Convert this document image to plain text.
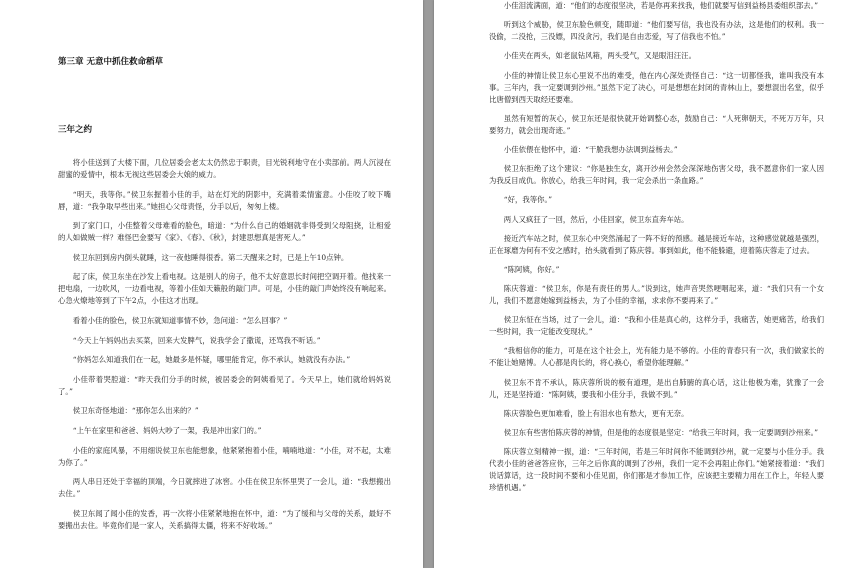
第三章 无意中抓住救命稻草
三年之约

将小佳送到了大楼下面，几位居委会老太太仍然忠于职责，目光锐利地守在小卖部前。两人沉浸在甜蜜的爱情中，根本无视这些居委会大娘的威力。

“明天，我等你。”侯卫东握着小佳的手，站在灯光的阴影中，充满着柔情蜜意。小佳咬了咬下嘴唇，道：“我争取早些出来。”她担心父母责怪，分手以后，匆匆上楼。

到了家门口，小佳整着父母难看的脸色，暗道：“为什么自己的婚姻就非得受到父母阻挠，让相爱的人如做贼一样？难怪巴金要写《家》、《春》、《秋》，封建思想真是害死人。”

侯卫东回到房内倒头就睡，这一夜他睡得很香。第二天醒来之时，已是上午10点钟。

起了床，侯卫东坐在沙发上看电视。这是别人的房子，他不太好意思长时间把空调开着。他找来一把电扇，一边吹风，一边看电视，等着小佳如天籁般的敲门声。可是，小佳的敲门声始终没有响起来。心急火燎地等到了下午2点，小佳这才出现。

看着小佳的脸色，侯卫东就知道事情不妙，急问道：“怎么回事？”

“今天上午妈妈出去买菜，回来大发脾气，说我学会了撒谎，还骂我不听话。”

“你妈怎么知道我们在一起，她最多是怀疑，哪里能肯定，你不承认，她就没有办法。”

小佳带着哭腔道：“昨天我们分手的时候，被居委会的阿姨看见了。今天早上，她们就给妈妈说了。”

侯卫东奇怪地道：“那你怎么出来的？”

“上午在家里和爸爸、妈妈大吵了一架，我是冲出家门的。”

小佳的家庭风暴，不用细说侯卫东也能想象，他紧紧抱着小佳，喃喃地道：“小佳，对不起，太难为你了。”

两人串日还处于幸福的顶端，今日就摔进了冰窖。小佳在侯卫东怀里哭了一会儿，道：“我想搬出去住。”

侯卫东闻了闻小佳的发香，再一次将小佳紧紧地抱在怀中，道：“为了缓和与父母的关系，最好不要搬出去住。毕竟你们是一家人，关系搞得太僵，将来不好收场。”

小佳泪流满面，道：“他们的态度很坚决，若是你再来找我，他们就要写信到益杨县委组织部去。”

听到这个威胁，侯卫东脸色顿变，随即道：“他们要写信，我也没有办法，这是他们的权利。我一没偷，二没抢，三没嫖，四没贪污，我们是自由恋爱，写了信我也不怕。”

小佳夹在两头，如老鼠钻风箱，两头受气，又是眼泪汪汪。

小佳的神情让侯卫东心里说不出的难受，他在内心深处责怪自己：“这一切都怪我，谁叫我没有本事。三年内，我一定要调到沙州。”虽然下定了决心，可是想想在封闭的青林山上，要想混出名堂，似乎比唐僧到西天取经还要难。

虽然有短暂的灰心，侯卫东还是很快就开始调整心态，鼓励自己：“人死卵朝天，不死万万年，只要努力，就会出现奇迹。”

小佳依偎在他怀中，道：“干脆我想办法调到益杨去。”

侯卫东拒绝了这个建议：“你是独生女，离开沙州会然会深深地伤害父母，我不愿意你们一家人因为我反目成仇。你放心，给我三年时间，我一定会杀出一条血路。”

“好，我等你。”

两人又疯狂了一回，然后，小佳回家，侯卫东直奔车站。

接近汽车站之时，侯卫东心中突然涌起了一阵不好的预感。越是接近车站，这种感觉就越是强烈，正在琢磨为何有不安之感时，抬头就看到了陈庆蓉。事到如此，他不能躲避，迎着陈庆蓉走了过去。

“陈阿姨，你好。”

陈庆蓉道：“侯卫东，你是有责任的男人。”说到这，她声音哭然哽咽起来，道：“我们只有一个女儿，我们不愿意她嫁到益杨去，为了小佳的幸福，求求你不要再来了。”

侯卫东怔在当场，过了一会儿，道：“我和小佳是真心的，这样分手，我痛苦，她更痛苦，给我们一些时间，我一定能改变现状。”

“我相信你的能力，可是在这个社会上，光有能力是不够的。小佳的青春只有一次，我们做家长的不能让她赌博。人心都是肉长的，将心换心，希望你能理解。”

侯卫东不肯不承认，陈庆蓉所说的极有道理，是出自肺腑的真心话，这让他极为难，犹豫了一会儿，还是坚持道：“陈阿姨，要我和小佳分手，我做不到。”

陈庆蓉脸色更加难看，脸上有泪水也有愁大，更有无奈。

侯卫东有些害怕陈庆蓉的神情，但是他的态度很是坚定：“给我三年时间，我一定要调到沙州来。”

陈庆蓉立刻精神一振，道：“三年时间，若是三年时间你不能调到沙州，就一定要与小佳分手。我代表小佳的爸爸答应你，三年之后你真的调到了沙州，我们一定不会再阻止你们。”她紧接着道：“我们说话算话，这一段时间不要和小佳见面，你们都是才参加工作，应该把主要精力用在工作上，年轻人要珍惜机遇。”
